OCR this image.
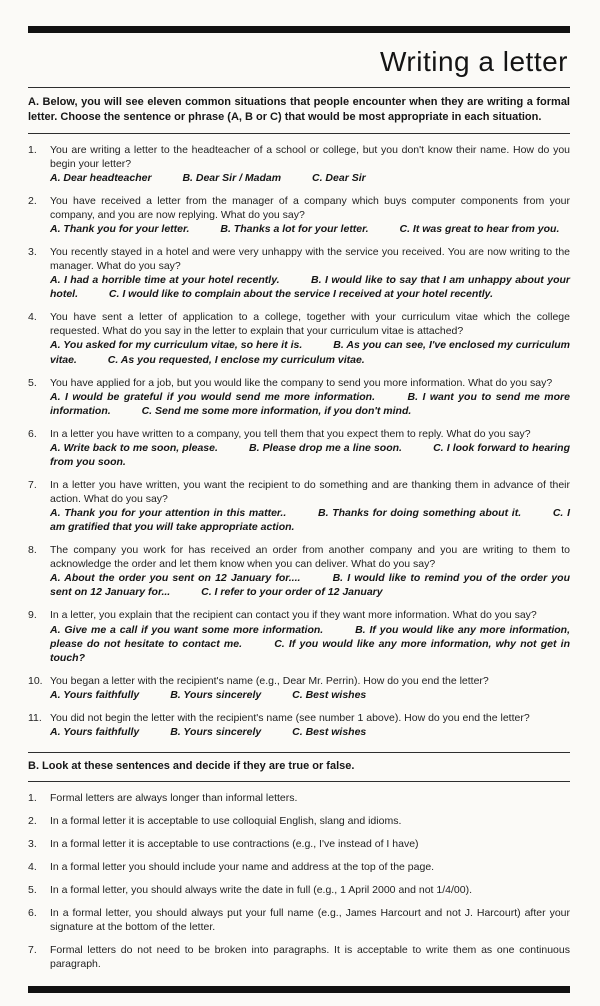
Writing a letter

A. Below, you will see eleven common situations that people encounter when they are writing a formal letter. Choose the sentence or phrase (A, B or C) that would be most appropriate in each situation.

1.	You are writing a letter to the headteacher of a school or college, but you don't know their name. How do you begin your letter?
A. Dear headteacher	B. Dear Sir / Madam	C. Dear Sir
2.	You have received a letter from the manager of a company which buys computer components from your company, and you are now replying. What do you say?
A. Thank you for your letter.	B. Thanks a lot for your letter.	C. It was great to hear from you.
3.	You recently stayed in a hotel and were very unhappy with the service you received. You are now writing to the manager. What do you say?
A. I had a horrible time at your hotel recently.	B. I would like to say that I am unhappy about your hotel.	C. I would like to complain about the service I received at your hotel recently.
4.	You have sent a letter of application to a college, together with your curriculum vitae which the college requested. What do you say in the letter to explain that your curriculum vitae is attached?
A. You asked for my curriculum vitae, so here it is.	B. As you can see, I've enclosed my curriculum vitae.	C. As you requested, I enclose my curriculum vitae.
5.	You have applied for a job, but you would like the company to send you more information. What do you say?
A. I would be grateful if you would send me more information.	B. I want you to send me more information.	C. Send me some more information, if you don't mind.
6.	In a letter you have written to a company, you tell them that you expect them to reply. What do you say?
A. Write back to me soon, please.	B. Please drop me a line soon.	C. I look forward to hearing from you soon.
7.	In a letter you have written, you want the recipient to do something and are thanking them in advance of their action. What do you say?
A. Thank you for your attention in this matter..	B. Thanks for doing something about it.	C. I am gratified that you will take appropriate action.
8.	The company you work for has received an order from another company and you are writing to them to acknowledge the order and let them know when you can deliver. What do you say?
A. About the order you sent on 12 January for....	B. I would like to remind you of the order you sent on 12 January for...	C. I refer to your order of 12 January
9.	In a letter, you explain that the recipient can contact you if they want more information. What do you say?
A. Give me a call if you want some more information.	B. If you would like any more information, please do not hesitate to contact me.	C. If you would like any more information, why not get in touch?
10. You began a letter with the recipient's name (e.g., Dear Mr. Perrin). How do you end the letter?
A. Yours faithfully	B. Yours sincerely	C. Best wishes
11. You did not begin the letter with the recipient's name (see number 1 above). How do you end the letter?
A. Yours faithfully	B. Yours sincerely	C. Best wishes

B. Look at these sentences and decide if they are true or false.

1.	Formal letters are always longer than informal letters.
2.	In a formal letter it is acceptable to use colloquial English, slang and idioms.
3.	In a formal letter it is acceptable to use contractions (e.g., I've instead of I have)
4.	In a formal letter you should include your name and address at the top of the page.
5.	In a formal letter, you should always write the date in full (e.g., 1 April 2000 and not 1/4/00).
6.	In a formal letter, you should always put your full name (e.g., James Harcourt and not J. Harcourt) after your signature at the bottom of the letter.
7.	Formal letters do not need to be broken into paragraphs. It is acceptable to write them as one continuous paragraph.
